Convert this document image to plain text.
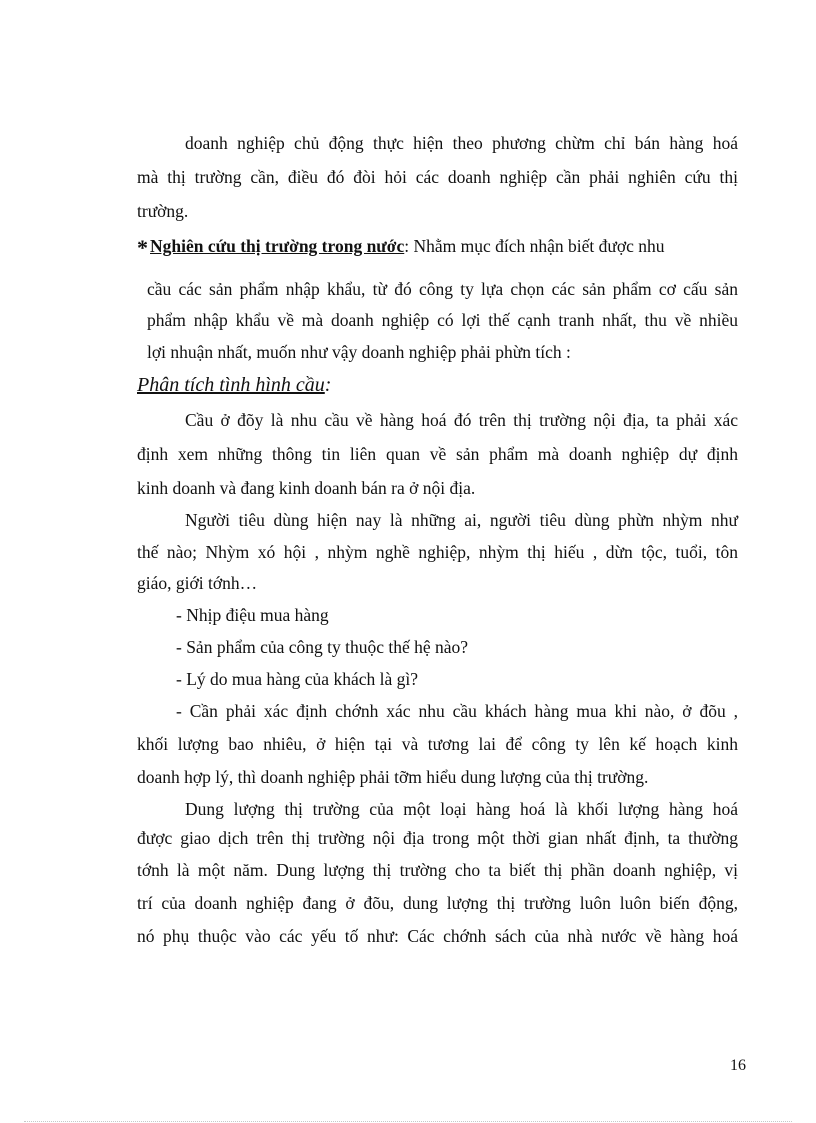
doanh nghiệp chủ động thực hiện theo phương chừm chỉ bán hàng hoá
mà thị trường cần, điều đó đòi hỏi các doanh nghiệp cần phải nghiên cứu thị
trường.
* Nghiên cứu thị trường trong nước: Nhằm mục đích nhận biết được nhu
cầu các sản phẩm nhập khẩu, từ đó công ty lựa chọn các sản phẩm cơ cấu sản
phẩm nhập khẩu về mà doanh nghiệp có lợi thế cạnh tranh nhất, thu về nhiều
lợi nhuận nhất, muốn như vậy doanh nghiệp phải phừn tích :
Phân tích tình hình cầu:
Cầu ở đõy là nhu cầu về hàng hoá đó trên thị trường nội địa, ta phải xác
định xem những thông tin liên quan về sản phẩm mà doanh nghiệp dự định
kinh doanh và đang kinh doanh bán ra ở nội địa.
Người tiêu dùng hiện nay là những ai, người tiêu dùng phừn nhỳm như
thế nào; Nhỳm xó hội , nhỳm nghề nghiệp, nhỳm thị hiếu , dừn tộc, tuổi, tôn
giáo, giới tớnh…
- Nhịp điệu mua hàng
- Sản phẩm của công ty thuộc thế hệ nào?
- Lý do mua hàng của khách là gì?
- Cần phải xác định chớnh xác nhu cầu khách hàng mua khi nào, ở đõu ,
khối lượng bao nhiêu, ở hiện tại và tương lai để công ty lên kế hoạch kinh
doanh hợp lý, thì doanh nghiệp phải tỡm hiểu dung lượng của thị trường.
Dung lượng thị trường của một loại hàng hoá là khối lượng hàng hoá
được giao dịch trên thị trường nội địa trong một thời gian nhất định, ta thường
tớnh là một năm. Dung lượng thị trường cho ta biết thị phần doanh nghiệp, vị
trí của doanh nghiệp đang ở đõu, dung lượng thị trường luôn luôn biến động,
nó phụ thuộc vào các yếu tố như: Các chớnh sách của nhà nước về hàng hoá
16
